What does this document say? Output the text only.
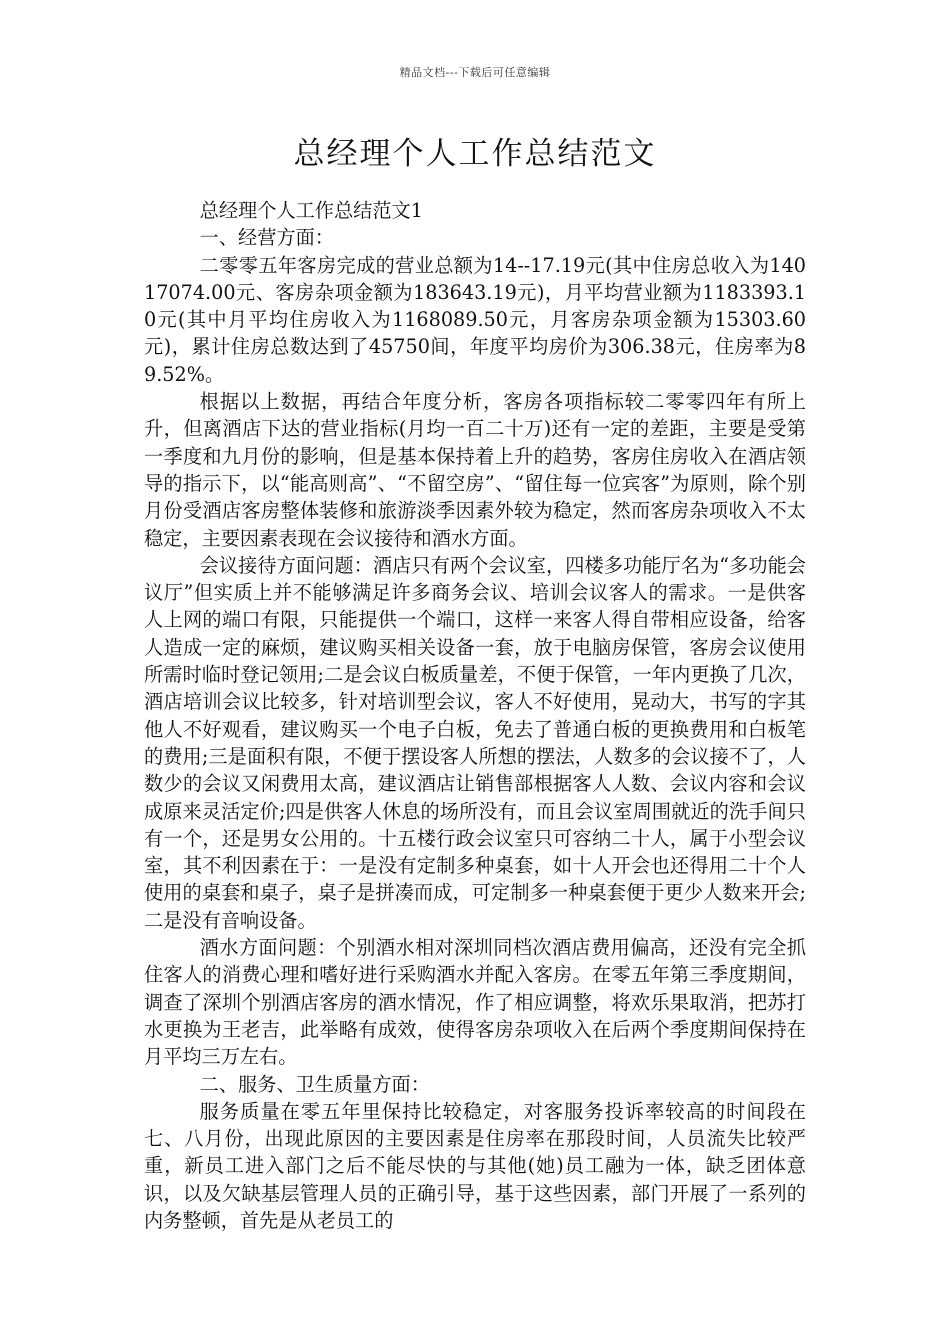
精品文档---下载后可任意编辑
总经理个人工作总结范文

总经理个人工作总结范文1

一、经营方面：

二零零五年客房完成的营业总额为14--17.19元(其中住房总收入为14017074.00元、客房杂项金额为183643.19元)，月平均营业额为1183393.10元(其中月平均住房收入为1168089.50元，月客房杂项金额为15303.60元)，累计住房总数达到了45750间，年度平均房价为306.38元，住房率为89.52%。

根据以上数据，再结合年度分析，客房各项指标较二零零四年有所上升，但离酒店下达的营业指标(月均一百二十万)还有一定的差距，主要是受第一季度和九月份的影响，但是基本保持着上升的趋势，客房住房收入在酒店领导的指示下，以“能高则高”、“不留空房”、“留住每一位宾客”为原则，除个别月份受酒店客房整体装修和旅游淡季因素外较为稳定，然而客房杂项收入不太稳定，主要因素表现在会议接待和酒水方面。

会议接待方面问题：酒店只有两个会议室，四楼多功能厅名为“多功能会议厅”但实质上并不能够满足许多商务会议、培训会议客人的需求。一是供客人上网的端口有限，只能提供一个端口，这样一来客人得自带相应设备，给客人造成一定的麻烦，建议购买相关设备一套，放于电脑房保管，客房会议使用所需时临时登记领用;二是会议白板质量差，不便于保管，一年内更换了几次，酒店培训会议比较多，针对培训型会议，客人不好使用，晃动大，书写的字其他人不好观看，建议购买一个电子白板，免去了普通白板的更换费用和白板笔的费用;三是面积有限，不便于摆设客人所想的摆法，人数多的会议接不了，人数少的会议又闲费用太高，建议酒店让销售部根据客人人数、会议内容和会议成原来灵活定价;四是供客人休息的场所没有，而且会议室周围就近的洗手间只有一个，还是男女公用的。十五楼行政会议室只可容纳二十人，属于小型会议室，其不利因素在于：一是没有定制多种桌套，如十人开会也还得用二十个人使用的桌套和桌子，桌子是拼凑而成，可定制多一种桌套便于更少人数来开会;二是没有音响设备。

酒水方面问题：个别酒水相对深圳同档次酒店费用偏高，还没有完全抓住客人的消费心理和嗜好进行采购酒水并配入客房。在零五年第三季度期间，调查了深圳个别酒店客房的酒水情况，作了相应调整，将欢乐果取消，把苏打水更换为王老吉，此举略有成效，使得客房杂项收入在后两个季度期间保持在月平均三万左右。

二、服务、卫生质量方面：

服务质量在零五年里保持比较稳定，对客服务投诉率较高的时间段在七、八月份，出现此原因的主要因素是住房率在那段时间，人员流失比较严重，新员工进入部门之后不能尽快的与其他(她)员工融为一体，缺乏团体意识，以及欠缺基层管理人员的正确引导，基于这些因素，部门开展了一系列的内务整顿，首先是从老员工的
